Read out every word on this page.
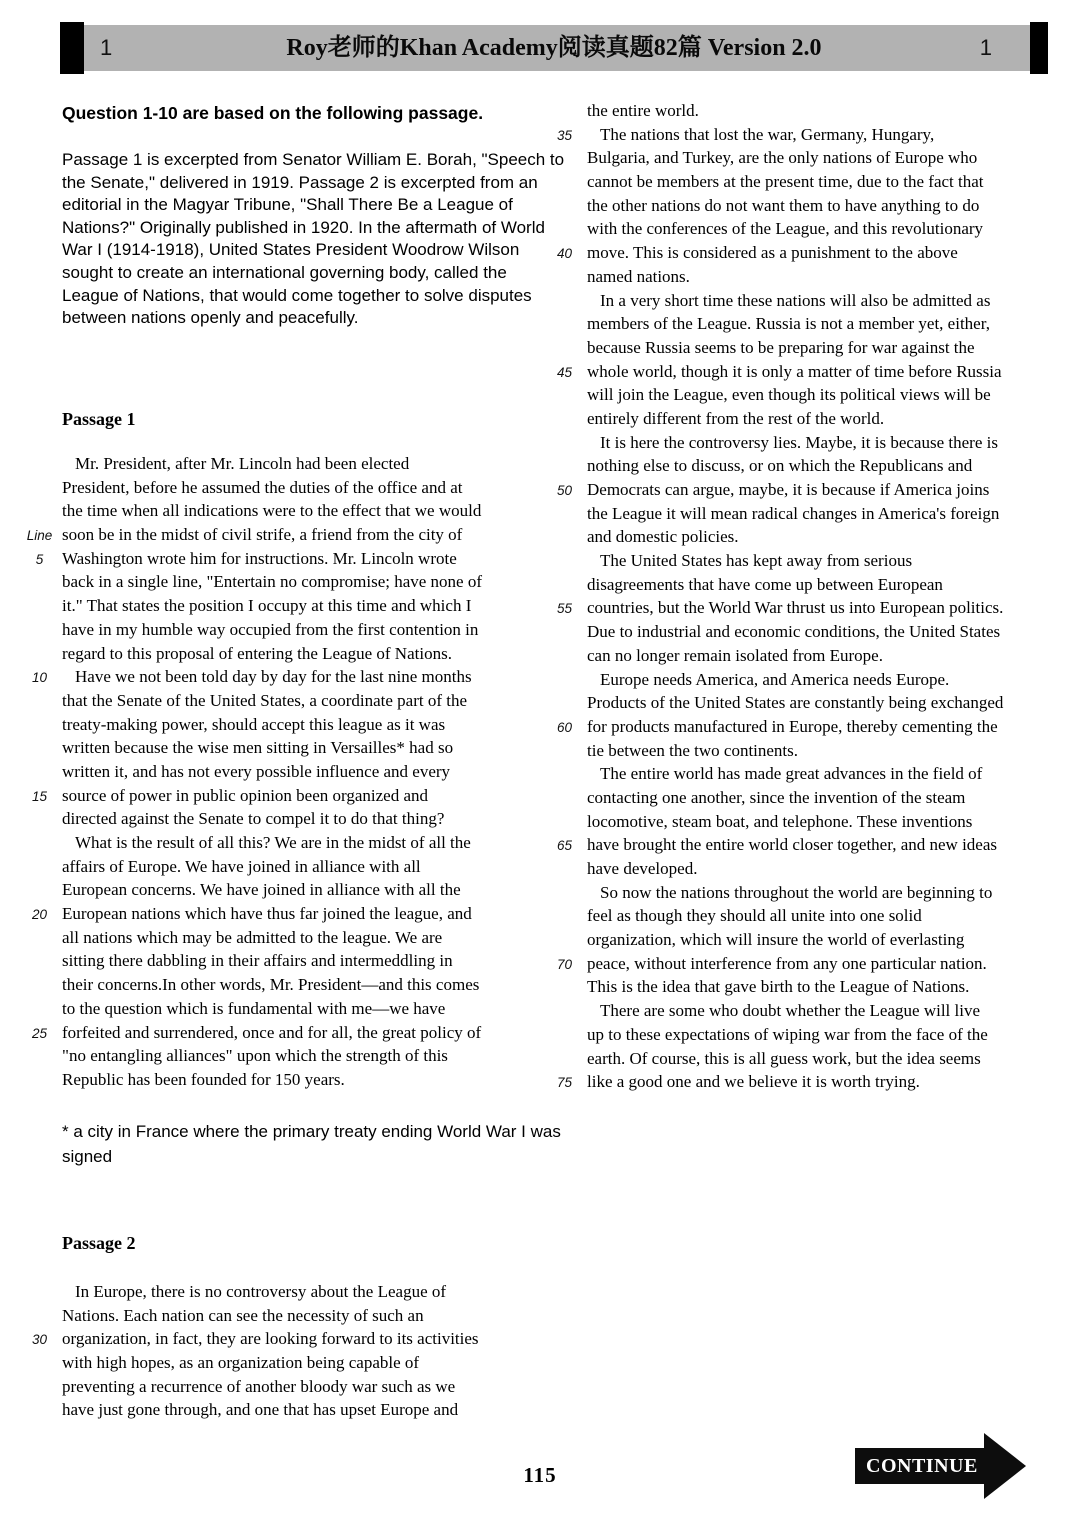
1	Roy老师的Khan Academy阅读真题82篇 Version 2.0	1
Question 1-10 are based on the following passage.
Passage 1 is excerpted from Senator William E. Borah, "Speech to the Senate," delivered in 1919. Passage 2 is excerpted from an editorial in the Magyar Tribune, "Shall There Be a League of Nations?" Originally published in 1920. In the aftermath of World War I (1914-1918), United States President Woodrow Wilson sought to create an international governing body, called the League of Nations, that would come together to solve disputes between nations openly and peacefully.
Passage 1
Mr. President, after Mr. Lincoln had been elected
President, before he assumed the duties of the office and at
the time when all indications were to the effect that we would
Line soon be in the midst of civil strife, a friend from the city of
5	Washington wrote him for instructions. Mr. Lincoln wrote
back in a single line, "Entertain no compromise; have none of
it." That states the position I occupy at this time and which I
have in my humble way occupied from the first contention in
regard to this proposal of entering the League of Nations.
10	Have we not been told day by day for the last nine months
that the Senate of the United States, a coordinate part of the
treaty-making power, should accept this league as it was
written because the wise men sitting in Versailles* had so
written it, and has not every possible influence and every
15 source of power in public opinion been organized and
directed against the Senate to compel it to do that thing?
What is the result of all this? We are in the midst of all the
affairs of Europe. We have joined in alliance with all
European concerns. We have joined in alliance with all the
20 European nations which have thus far joined the league, and
all nations which may be admitted to the league. We are
sitting there dabbling in their affairs and intermeddling in
their concerns.In other words, Mr. President—and this comes
to the question which is fundamental with me—we have
25 forfeited and surrendered, once and for all, the great policy of
"no entangling alliances" upon which the strength of this
Republic has been founded for 150 years.
* a city in France where the primary treaty ending World War I was signed
Passage 2
In Europe, there is no controversy about the League of
Nations. Each nation can see the necessity of such an
30 organization, in fact, they are looking forward to its activities
with high hopes, as an organization being capable of
preventing a recurrence of another bloody war such as we
have just gone through, and one that has upset Europe and
the entire world.
35	The nations that lost the war, Germany, Hungary,
Bulgaria, and Turkey, are the only nations of Europe who
cannot be members at the present time, due to the fact that
the other nations do not want them to have anything to do
with the conferences of the League, and this revolutionary
40 move. This is considered as a punishment to the above
named nations.
In a very short time these nations will also be admitted as
members of the League. Russia is not a member yet, either,
because Russia seems to be preparing for war against the
45 whole world, though it is only a matter of time before Russia
will join the League, even though its political views will be
entirely different from the rest of the world.
It is here the controversy lies. Maybe, it is because there is
nothing else to discuss, or on which the Republicans and
50 Democrats can argue, maybe, it is because if America joins
the League it will mean radical changes in America's foreign
and domestic policies.
The United States has kept away from serious
disagreements that have come up between European
55 countries, but the World War thrust us into European politics.
Due to industrial and economic conditions, the United States
can no longer remain isolated from Europe.
Europe needs America, and America needs Europe.
Products of the United States are constantly being exchanged
60 for products manufactured in Europe, thereby cementing the
tie between the two continents.
The entire world has made great advances in the field of
contacting one another, since the invention of the steam
locomotive, steam boat, and telephone. These inventions
65 have brought the entire world closer together, and new ideas
have developed.
So now the nations throughout the world are beginning to
feel as though they should all unite into one solid
organization, which will insure the world of everlasting
70 peace, without interference from any one particular nation.
This is the idea that gave birth to the League of Nations.
There are some who doubt whether the League will live
up to these expectations of wiping war from the face of the
earth. Of course, this is all guess work, but the idea seems
75 like a good one and we believe it is worth trying.
115	CONTINUE
